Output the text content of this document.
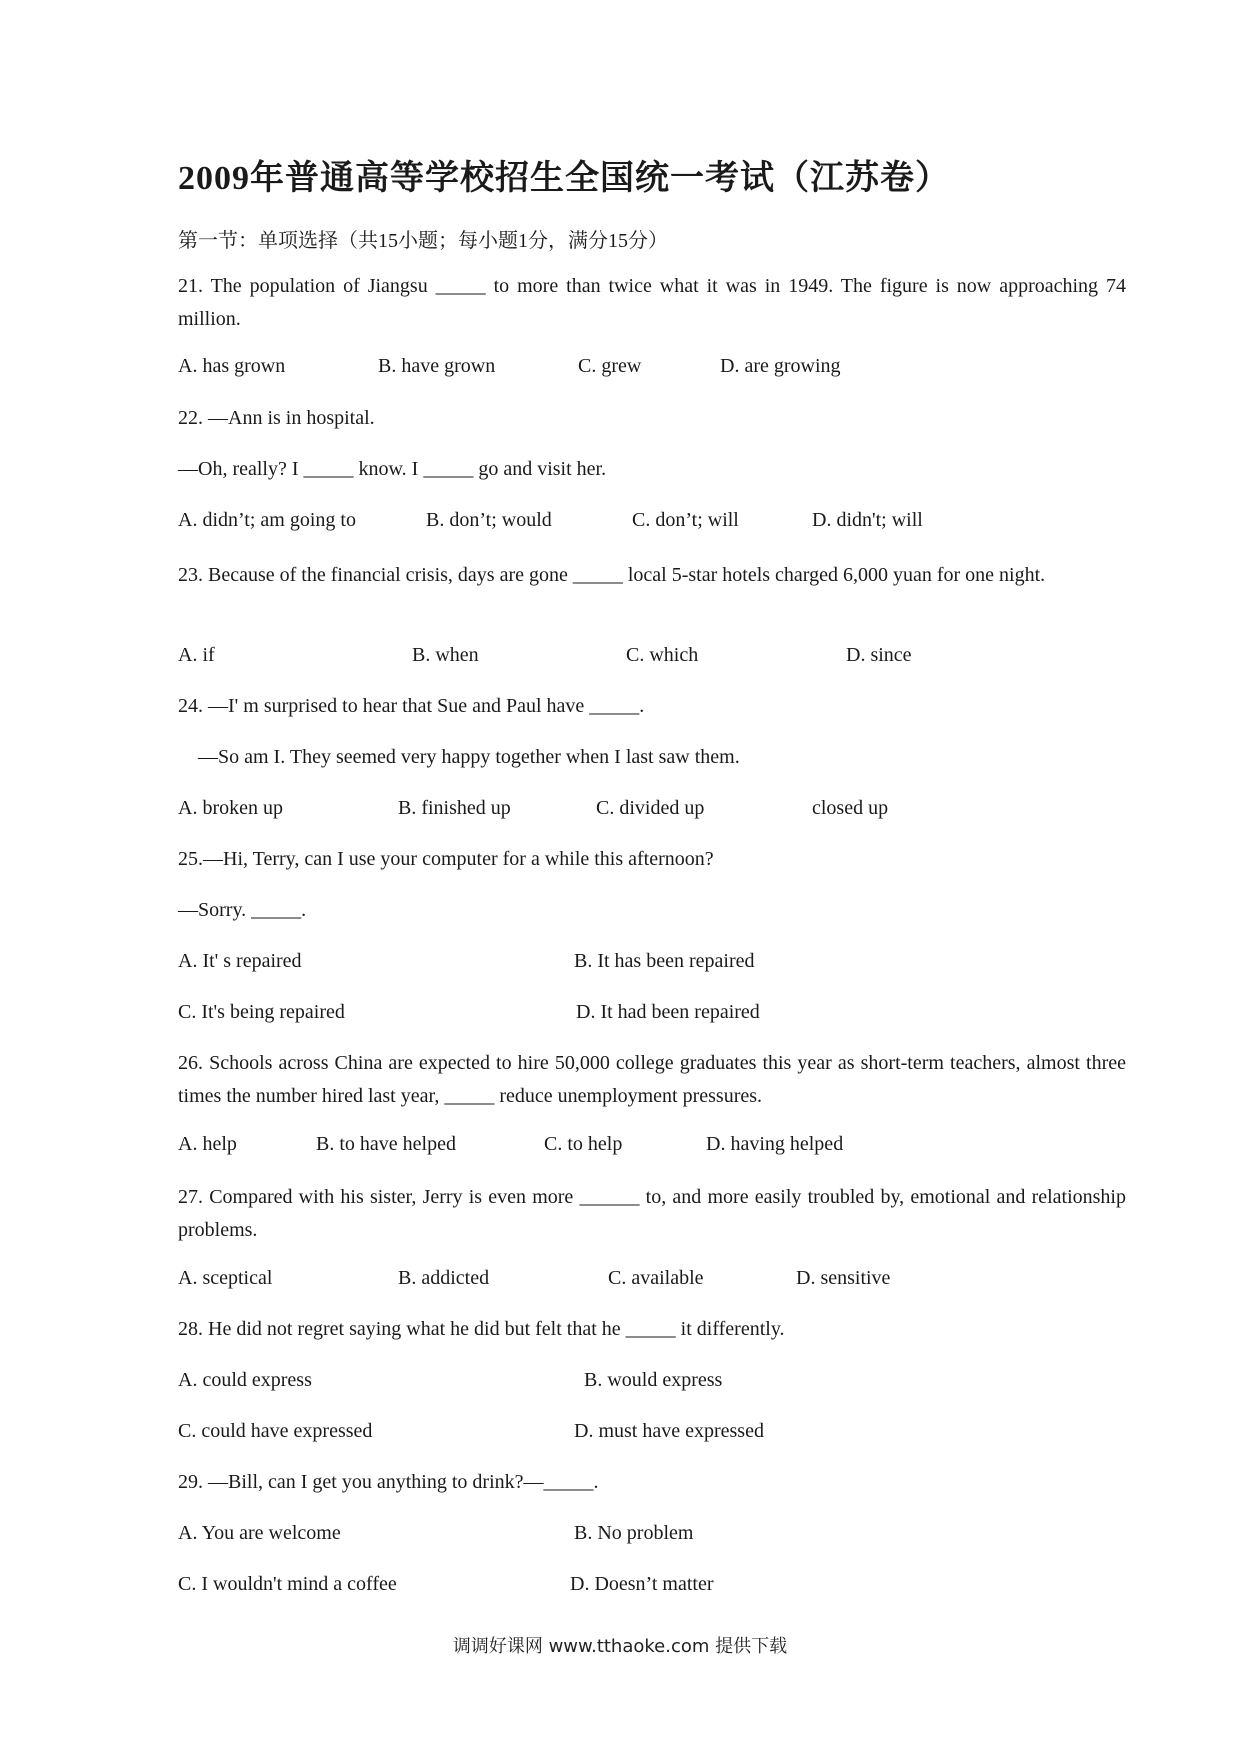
2009年普通高等学校招生全国统一考试（江苏卷）
第一节：单项选择（共15小题；每小题1分，满分15分）
21. The population of Jiangsu _____ to more than twice what it was in 1949. The figure is now approaching 74 million.
A. has grown	B. have grown	C. grew	D. are growing
22. —Ann is in hospital.
—Oh, really? I _____ know. I _____ go and visit her.
A. didn’t; am going to	B. don’t; would	C. don’t; will	D. didn't; will
23. Because of the financial crisis, days are gone _____ local 5-star hotels charged 6,000 yuan for one night.
A. if	B. when	C. which	D. since
24. —I' m surprised to hear that Sue and Paul have _____.
—So am I. They seemed very happy together when I last saw them.
A. broken up	B. finished up	C. divided up	closed up
25.—Hi, Terry, can I use your computer for a while this afternoon?
—Sorry. _____.
A. It' s repaired	B. It has been repaired
C. It's being repaired	D. It had been repaired
26. Schools across China are expected to hire 50,000 college graduates this year as short-term teachers, almost three times the number hired last year, _____ reduce unemployment pressures.
A. help	B. to have helped	C. to help	D. having helped
27. Compared with his sister, Jerry is even more ______ to, and more easily troubled by, emotional and relationship problems.
A. sceptical	B. addicted	C. available	D. sensitive
28. He did not regret saying what he did but felt that he _____ it differently.
A. could express	B. would express
C. could have expressed	D. must have expressed
29. —Bill, can I get you anything to drink?—_____.
A. You are welcome	B. No problem
C. I wouldn't mind a coffee	D. Doesn’t matter
调调好课网 www.tthaoke.com 提供下载
